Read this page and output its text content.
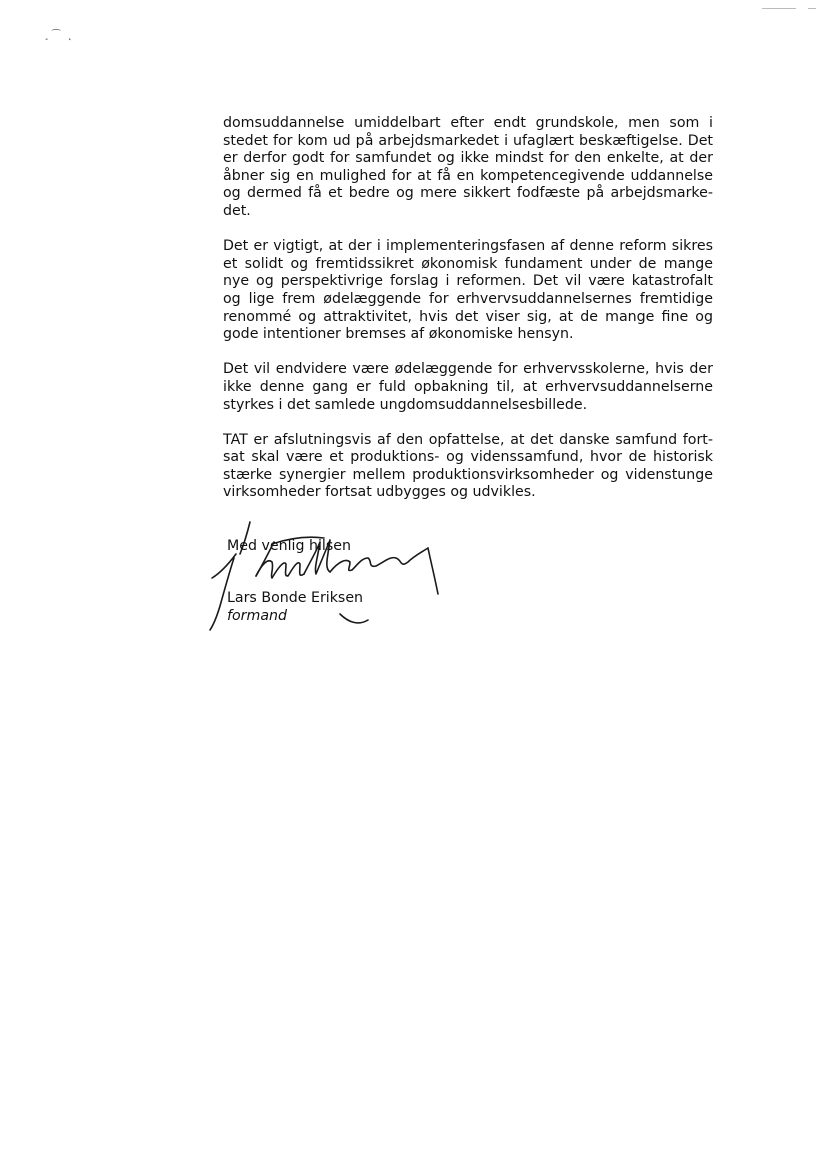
¸ ͡ ˛

domsuddannelse umiddelbart efter endt grundskole, men som i
stedet for kom ud på arbejdsmarkedet i ufaglært beskæftigelse. Det
er derfor godt for samfundet og ikke mindst for den enkelte, at der
åbner sig en mulighed for at få en kompetencegivende uddannelse
og dermed få et bedre og mere sikkert fodfæste på arbejdsmarke-
det.

Det er vigtigt, at der i implementeringsfasen af denne reform sikres
et solidt og fremtidssikret økonomisk fundament under de mange
nye og perspektivrige forslag i reformen. Det vil være katastrofalt
og lige frem ødelæggende for erhvervsuddannelsernes fremtidige
renommé og attraktivitet, hvis det viser sig, at de mange fine og
gode intentioner bremses af økonomiske hensyn.

Det vil endvidere være ødelæggende for erhvervsskolerne, hvis der
ikke denne gang er fuld opbakning til, at erhvervsuddannelserne
styrkes i det samlede ungdomsuddannelsesbillede.

TAT er afslutningsvis af den opfattelse, at det danske samfund fort-
sat skal være et produktions- og videnssamfund, hvor de historisk
stærke synergier mellem produktionsvirksomheder og videnstunge
virksomheder fortsat udbygges og udvikles.

Med venlig hilsen
Lars Bonde Eriksen
formand
